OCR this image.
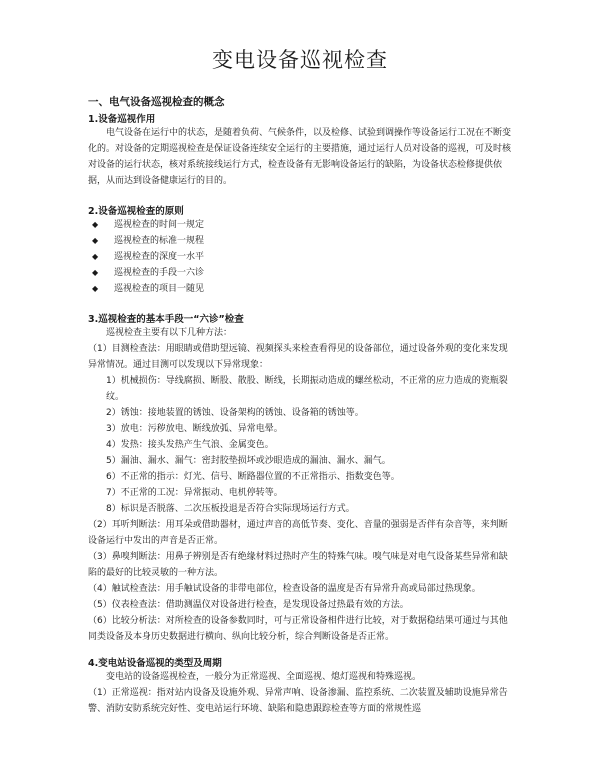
变电设备巡视检查
一、电气设备巡视检查的概念
1.设备巡视作用

电气设备在运行中的状态，是随着负荷、气候条件，以及检修、试验到调操作等设备运行工况在不断变化的。对设备的定期巡视检查是保证设备连续安全运行的主要措施，通过运行人员对设备的巡视，可及时核对设备的运行状态，核对系统接线运行方式，检查设备有无影响设备运行的缺陷，为设备状态检修提供依据，从而达到设备健康运行的目的。

2.设备巡视检查的原则
◆	巡视检查的时间一规定
◆	巡视检查的标准一规程
◆	巡视检查的深度一水平
◆	巡视检查的手段一六诊
◆	巡视检查的项目一随见
3.巡视检查的基本手段一“六诊”检查

巡视检查主要有以下几种方法：

（1）目测检查法：用眼睛或借助望远镜、视频探头来检查看得见的设备部位，通过设备外观的变化来发现异常情况。通过目测可以发现以下异常现象：

1）机械损伤：导线腐损、断股、散股、断线，长期振动造成的螺丝松动，不正常的应力造成的瓷瓶裂纹。

2）锈蚀：接地装置的锈蚀、设备架构的锈蚀、设备箱的锈蚀等。

3）放电：污秽放电、断线放弧、异常电晕。

4）发热：接头发热产生气浪、金属变色。

5）漏油、漏水、漏气：密封胶垫损坏或沙眼造成的漏油、漏水、漏气。

6）不正常的指示：灯光、信号、断路器位置的不正常指示、指数变色等。

7）不正常的工况：异常振动、电机停转等。

8）标识是否脱落、二次压板投退是否符合实际现场运行方式。

（2）耳听判断法：用耳朵或借助器材，通过声音的高低节奏、变化、音量的强弱是否伴有杂音等，来判断设备运行中发出的声音是否正常。

（3）鼻嗅判断法：用鼻子辨别是否有绝缘材料过热时产生的特殊气味。嗅气味是对电气设备某些异常和缺陷的最好的比较灵敏的一种方法。

（4）触试检查法：用手触试设备的非带电部位，检查设备的温度是否有异常升高或局部过热现象。

（5）仪表检查法：借助测温仪对设备进行检查，是发现设备过热最有效的方法。

（6）比较分析法：对所检查的设备参数同时，可与正常设备相件进行比较，对于数据稳结果可通过与其他同类设备及本身历史数据进行横向、纵向比较分析，综合判断设备是否正常。

4.变电站设备巡视的类型及周期

变电站的设备巡视检查，一般分为正常巡视、全面巡视、熄灯巡视和特殊巡视。

（1）正常巡视：指对站内设备及设施外观、异常声响、设备渗漏、监控系统、二次装置及辅助设施异常告警、消防安防系统完好性、变电站运行环境、缺陷和隐患跟踪检查等方面的常规性巡
